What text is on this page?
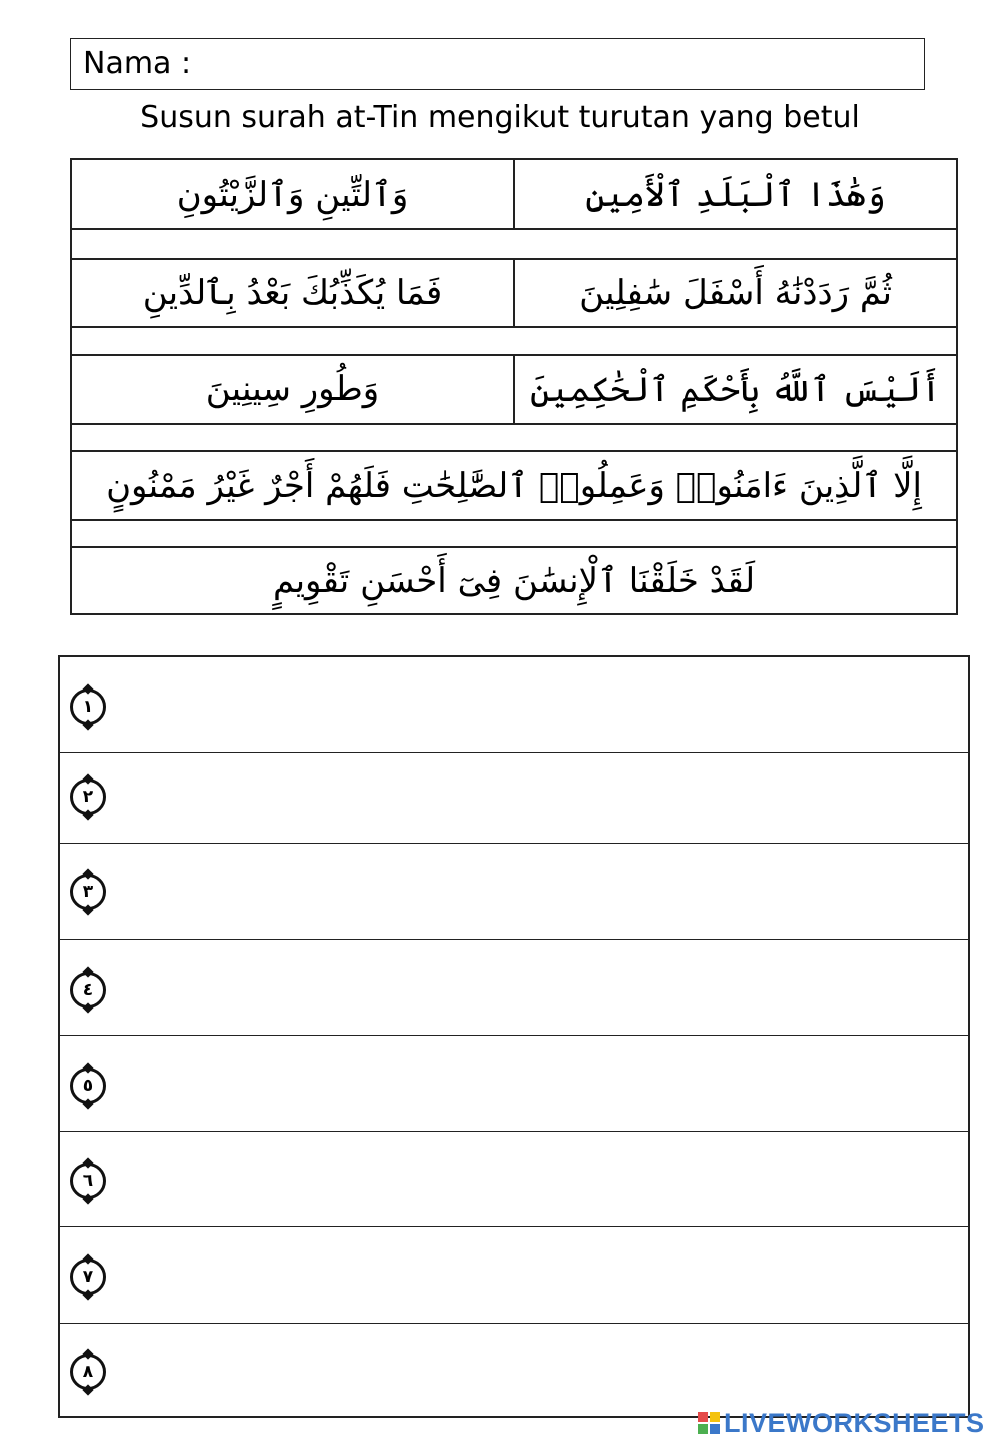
Nama :
Susun surah at-Tin mengikut turutan yang betul
وَٱلتِّينِ وَٱلزَّيْتُونِ	وَهَٰذَا ٱلْبَلَدِ ٱلْأَمِينِ
فَمَا يُكَذِّبُكَ بَعْدُ بِٱلدِّينِ	ثُمَّ رَدَدْنَٰهُ أَسْفَلَ سَٰفِلِينَ
وَطُورِ سِينِينَ	أَلَيْسَ ٱللَّهُ بِأَحْكَمِ ٱلْحَٰكِمِينَ
إِلَّا ٱلَّذِينَ ءَامَنُوا۟ وَعَمِلُوا۟ ٱلصَّٰلِحَٰتِ فَلَهُمْ أَجْرٌ غَيْرُ مَمْنُونٍ
لَقَدْ خَلَقْنَا ٱلْإِنسَٰنَ فِىٓ أَحْسَنِ تَقْوِيمٍ
١
٢
٣
٤
٥
٦
٧
٨
LIVEWORKSHEETS
